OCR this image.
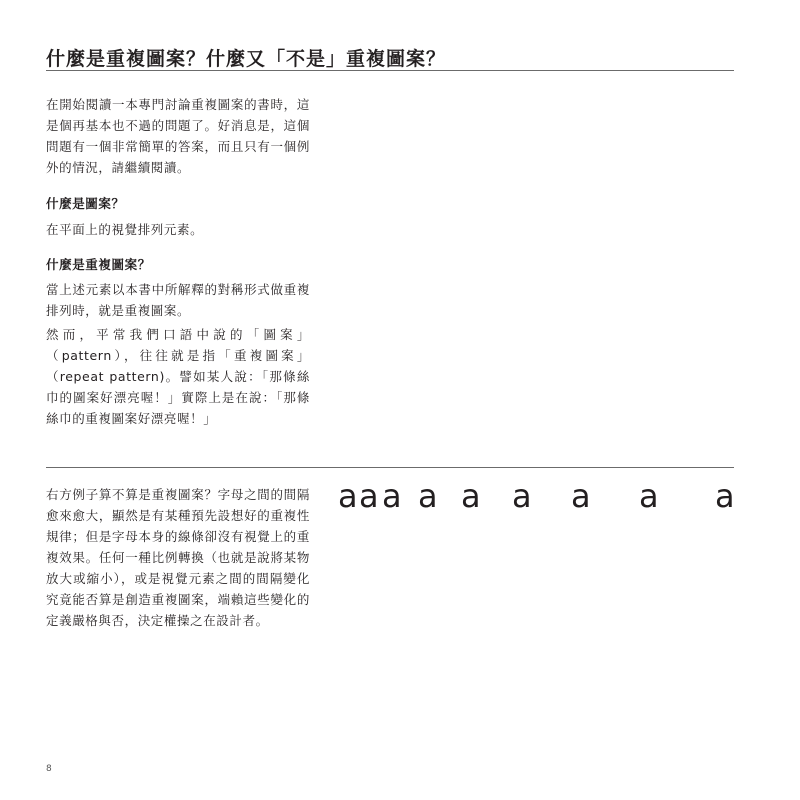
什麼是重複圖案？什麼又「不是」重複圖案？

在開始閱讀一本專門討論重複圖案的書時，這是個再基本也不過的問題了。好消息是，這個問題有一個非常簡單的答案，而且只有一個例外的情況，請繼續閱讀。

什麼是圖案？
在平面上的視覺排列元素。
什麼是重複圖案？

當上述元素以本書中所解釋的對稱形式做重複排列時，就是重複圖案。

然而，平常我們口語中說的「圖案」（pattern），往往就是指「重複圖案」（repeat pattern)。譬如某人說：「那條絲巾的圖案好漂亮喔！」實際上是在說：「那條絲巾的重複圖案好漂亮喔！」

右方例子算不算是重複圖案？字母之間的間隔愈來愈大，顯然是有某種預先設想好的重複性規律；但是字母本身的線條卻沒有視覺上的重複效果。任何一種比例轉換（也就是說將某物放大或縮小），或是視覺元素之間的間隔變化究竟能否算是創造重複圖案，端賴這些變化的定義嚴格與否，決定權操之在設計者。

a a a a a a a a a
8
